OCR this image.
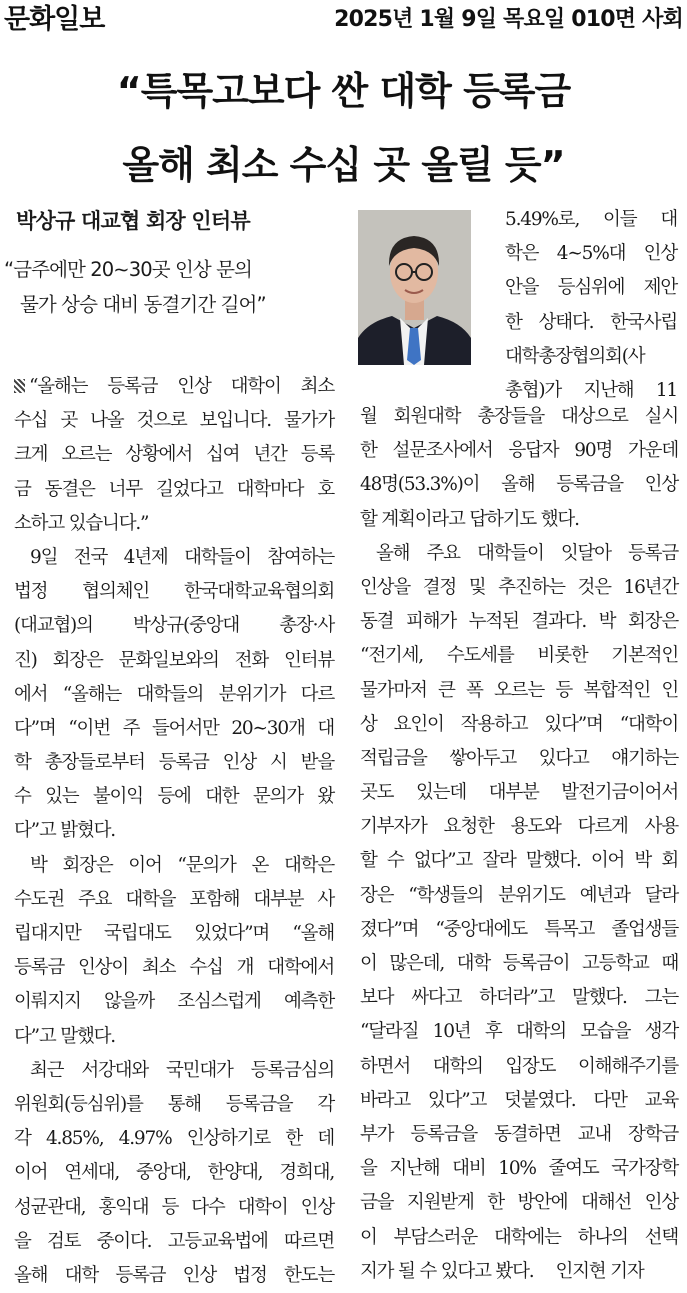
문화일보	2025년 1월 9일 목요일 010면 사회
“특목고보다 싼 대학 등록금
올해 최소 수십 곳 올릴 듯”
박상규 대교협 회장 인터뷰
“금주에만 20∼30곳 인상 문의
물가 상승 대비 동결기간 길어”
“올해는 등록금 인상 대학이 최소
수십 곳 나올 것으로 보입니다. 물가가
크게 오르는 상황에서 십여 년간 등록
금 동결은 너무 길었다고 대학마다 호
소하고 있습니다.”
9일 전국 4년제 대학들이 참여하는
법정 협의체인 한국대학교육협의회
(대교협)의 박상규(중앙대 총장·사
진) 회장은 문화일보와의 전화 인터뷰
에서 “올해는 대학들의 분위기가 다르
다”며 “이번 주 들어서만 20∼30개 대
학 총장들로부터 등록금 인상 시 받을
수 있는 불이익 등에 대한 문의가 왔
다”고 밝혔다.
박 회장은 이어 “문의가 온 대학은
수도권 주요 대학을 포함해 대부분 사
립대지만 국립대도 있었다”며 “올해
등록금 인상이 최소 수십 개 대학에서
이뤄지지 않을까 조심스럽게 예측한
다”고 말했다.
최근 서강대와 국민대가 등록금심의
위원회(등심위)를 통해 등록금을 각
각 4.85%, 4.97% 인상하기로 한 데
이어 연세대, 중앙대, 한양대, 경희대,
성균관대, 홍익대 등 다수 대학이 인상
을 검토 중이다. 고등교육법에 따르면
올해 대학 등록금 인상 법정 한도는
5.49%로, 이들 대
학은 4∼5%대 인상
안을 등심위에 제안
한 상태다. 한국사립
대학총장협의회(사
총협)가 지난해 11
월 회원대학 총장들을 대상으로 실시
한 설문조사에서 응답자 90명 가운데
48명(53.3%)이 올해 등록금을 인상
할 계획이라고 답하기도 했다.
올해 주요 대학들이 잇달아 등록금
인상을 결정 및 추진하는 것은 16년간
동결 피해가 누적된 결과다. 박 회장은
“전기세, 수도세를 비롯한 기본적인
물가마저 큰 폭 오르는 등 복합적인 인
상 요인이 작용하고 있다”며 “대학이
적립금을 쌓아두고 있다고 얘기하는
곳도 있는데 대부분 발전기금이어서
기부자가 요청한 용도와 다르게 사용
할 수 없다”고 잘라 말했다. 이어 박 회
장은 “학생들의 분위기도 예년과 달라
졌다”며 “중앙대에도 특목고 졸업생들
이 많은데, 대학 등록금이 고등학교 때
보다 싸다고 하더라”고 말했다. 그는
“달라질 10년 후 대학의 모습을 생각
하면서 대학의 입장도 이해해주기를
바라고 있다”고 덧붙였다. 다만 교육
부가 등록금을 동결하면 교내 장학금
을 지난해 대비 10% 줄여도 국가장학
금을 지원받게 한 방안에 대해선 인상
이 부담스러운 대학에는 하나의 선택
지가 될 수 있다고 봤다. 인지현 기자
